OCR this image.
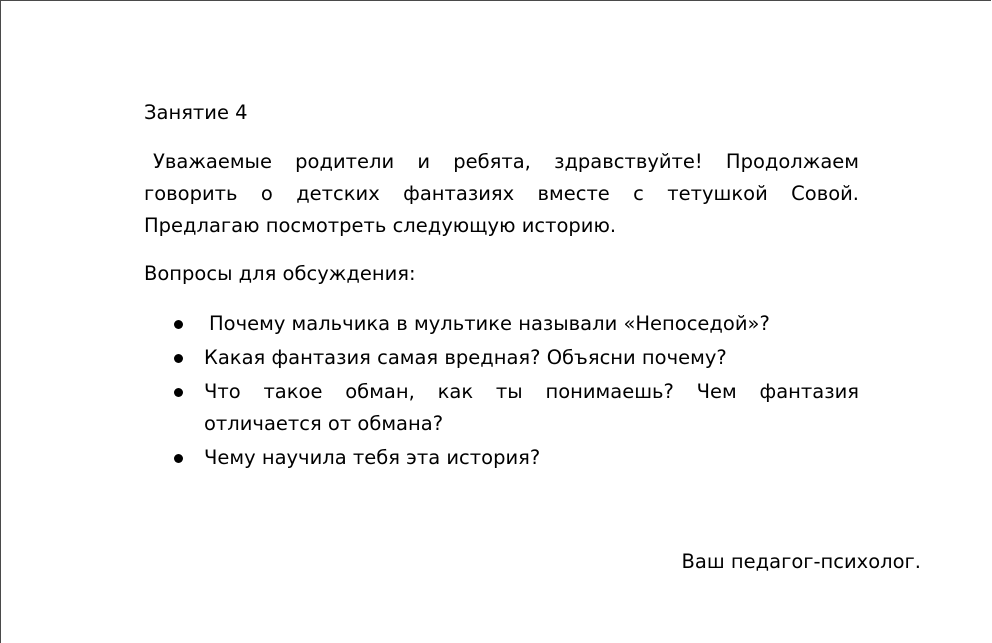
Занятие 4

Уважаемые родители и ребята, здравствуйте! Продолжаем говорить о детских фантазиях вместе с тетушкой Совой. Предлагаю посмотреть следующую историю.

Вопросы для обсуждения:

Почему мальчика в мультике называли «Непоседой»?
Какая фантазия самая вредная? Объясни почему?
Что такое обман, как ты понимаешь? Чем фантазия отличается от обмана?
Чему научила тебя эта история?
Ваш педагог-психолог.
